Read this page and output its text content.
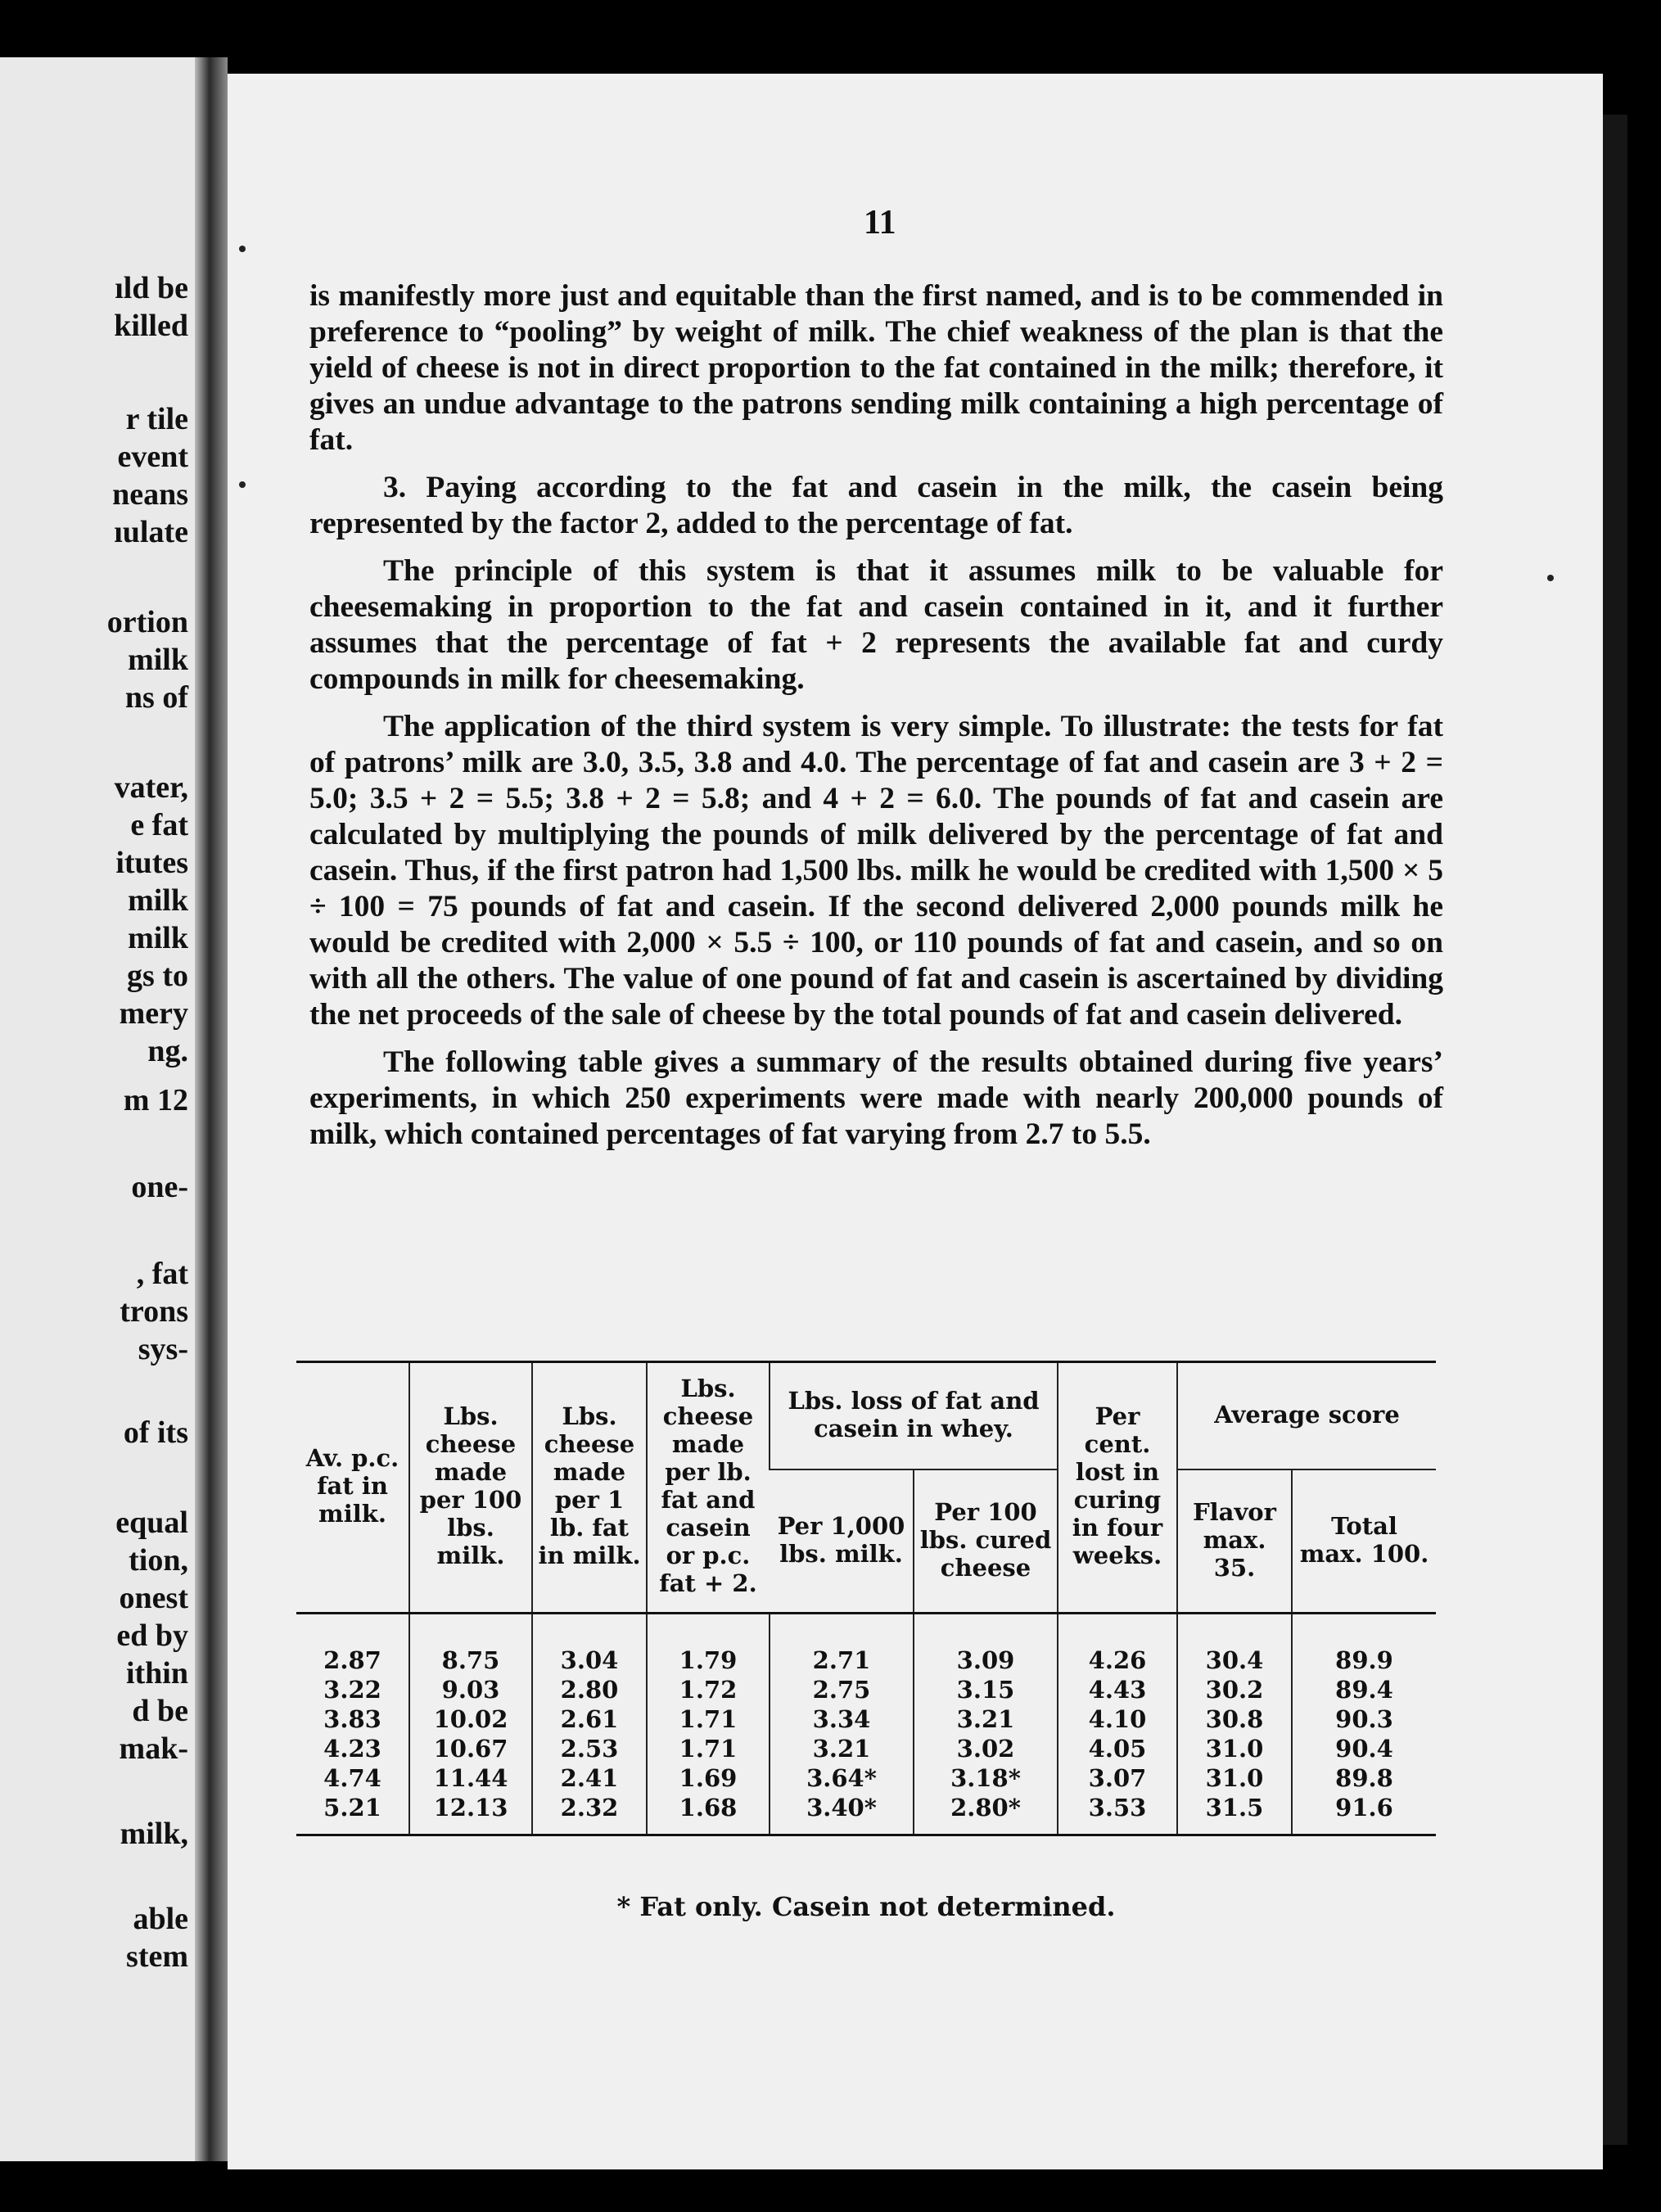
ıld be
killed
r tile
event
neans
ıulate
ortion
milk
ns of
vater,
e fat
itutes
milk
milk
gs to
mery
ng.
m 12
one-
, fat
trons
sys-
of its
equal
tion,
onest
ed by
ithin
d be
mak-
milk,
able
stem
11

is manifestly more just and equitable than the first named, and is to be commended in preference to “pooling” by weight of milk. The chief weakness of the plan is that the yield of cheese is not in direct proportion to the fat contained in the milk; therefore, it gives an undue advantage to the patrons sending milk containing a high percentage of fat.

3. Paying according to the fat and casein in the milk, the casein being represented by the factor 2, added to the percentage of fat.

The principle of this system is that it assumes milk to be valuable for cheesemaking in proportion to the fat and casein contained in it, and it further assumes that the percentage of fat + 2 represents the available fat and curdy compounds in milk for cheesemaking.

The application of the third system is very simple. To illustrate: the tests for fat of patrons’ milk are 3.0, 3.5, 3.8 and 4.0. The percentage of fat and casein are 3 + 2 = 5.0; 3.5 + 2 = 5.5; 3.8 + 2 = 5.8; and 4 + 2 = 6.0. The pounds of fat and casein are calculated by multiplying the pounds of milk delivered by the percentage of fat and casein. Thus, if the first patron had 1,500 lbs. milk he would be credited with 1,500 × 5 ÷ 100 = 75 pounds of fat and casein. If the second delivered 2,000 pounds milk he would be credited with 2,000 × 5.5 ÷ 100, or 110 pounds of fat and casein, and so on with all the others. The value of one pound of fat and casein is ascertained by dividing the net proceeds of the sale of cheese by the total pounds of fat and casein delivered.

The following table gives a summary of the results obtained during five years’ experiments, in which 250 experiments were made with nearly 200,000 pounds of milk, which contained percentages of fat varying from 2.7 to 5.5.

Av. p.c. fat in milk.	Lbs. cheese made per 100 lbs. milk.	Lbs. cheese made per 1 lb. fat in milk.	Lbs. cheese made per lb. fat and casein or p.c. fat + 2.	Lbs. loss of fat and casein in whey.		Per cent. lost in curing in four weeks.	Average score	
				Per 1,000 lbs. milk.	Per 100 lbs. cured cheese		Flavor max. 35.	Total max. 100.
2.87	8.75	3.04	1.79	2.71	3.09	4.26	30.4	89.9
3.22	9.03	2.80	1.72	2.75	3.15	4.43	30.2	89.4
3.83	10.02	2.61	1.71	3.34	3.21	4.10	30.8	90.3
4.23	10.67	2.53	1.71	3.21	3.02	4.05	31.0	90.4
4.74	11.44	2.41	1.69	3.64*	3.18*	3.07	31.0	89.8
5.21	12.13	2.32	1.68	3.40*	2.80*	3.53	31.5	91.6
* Fat only. Casein not determined.
